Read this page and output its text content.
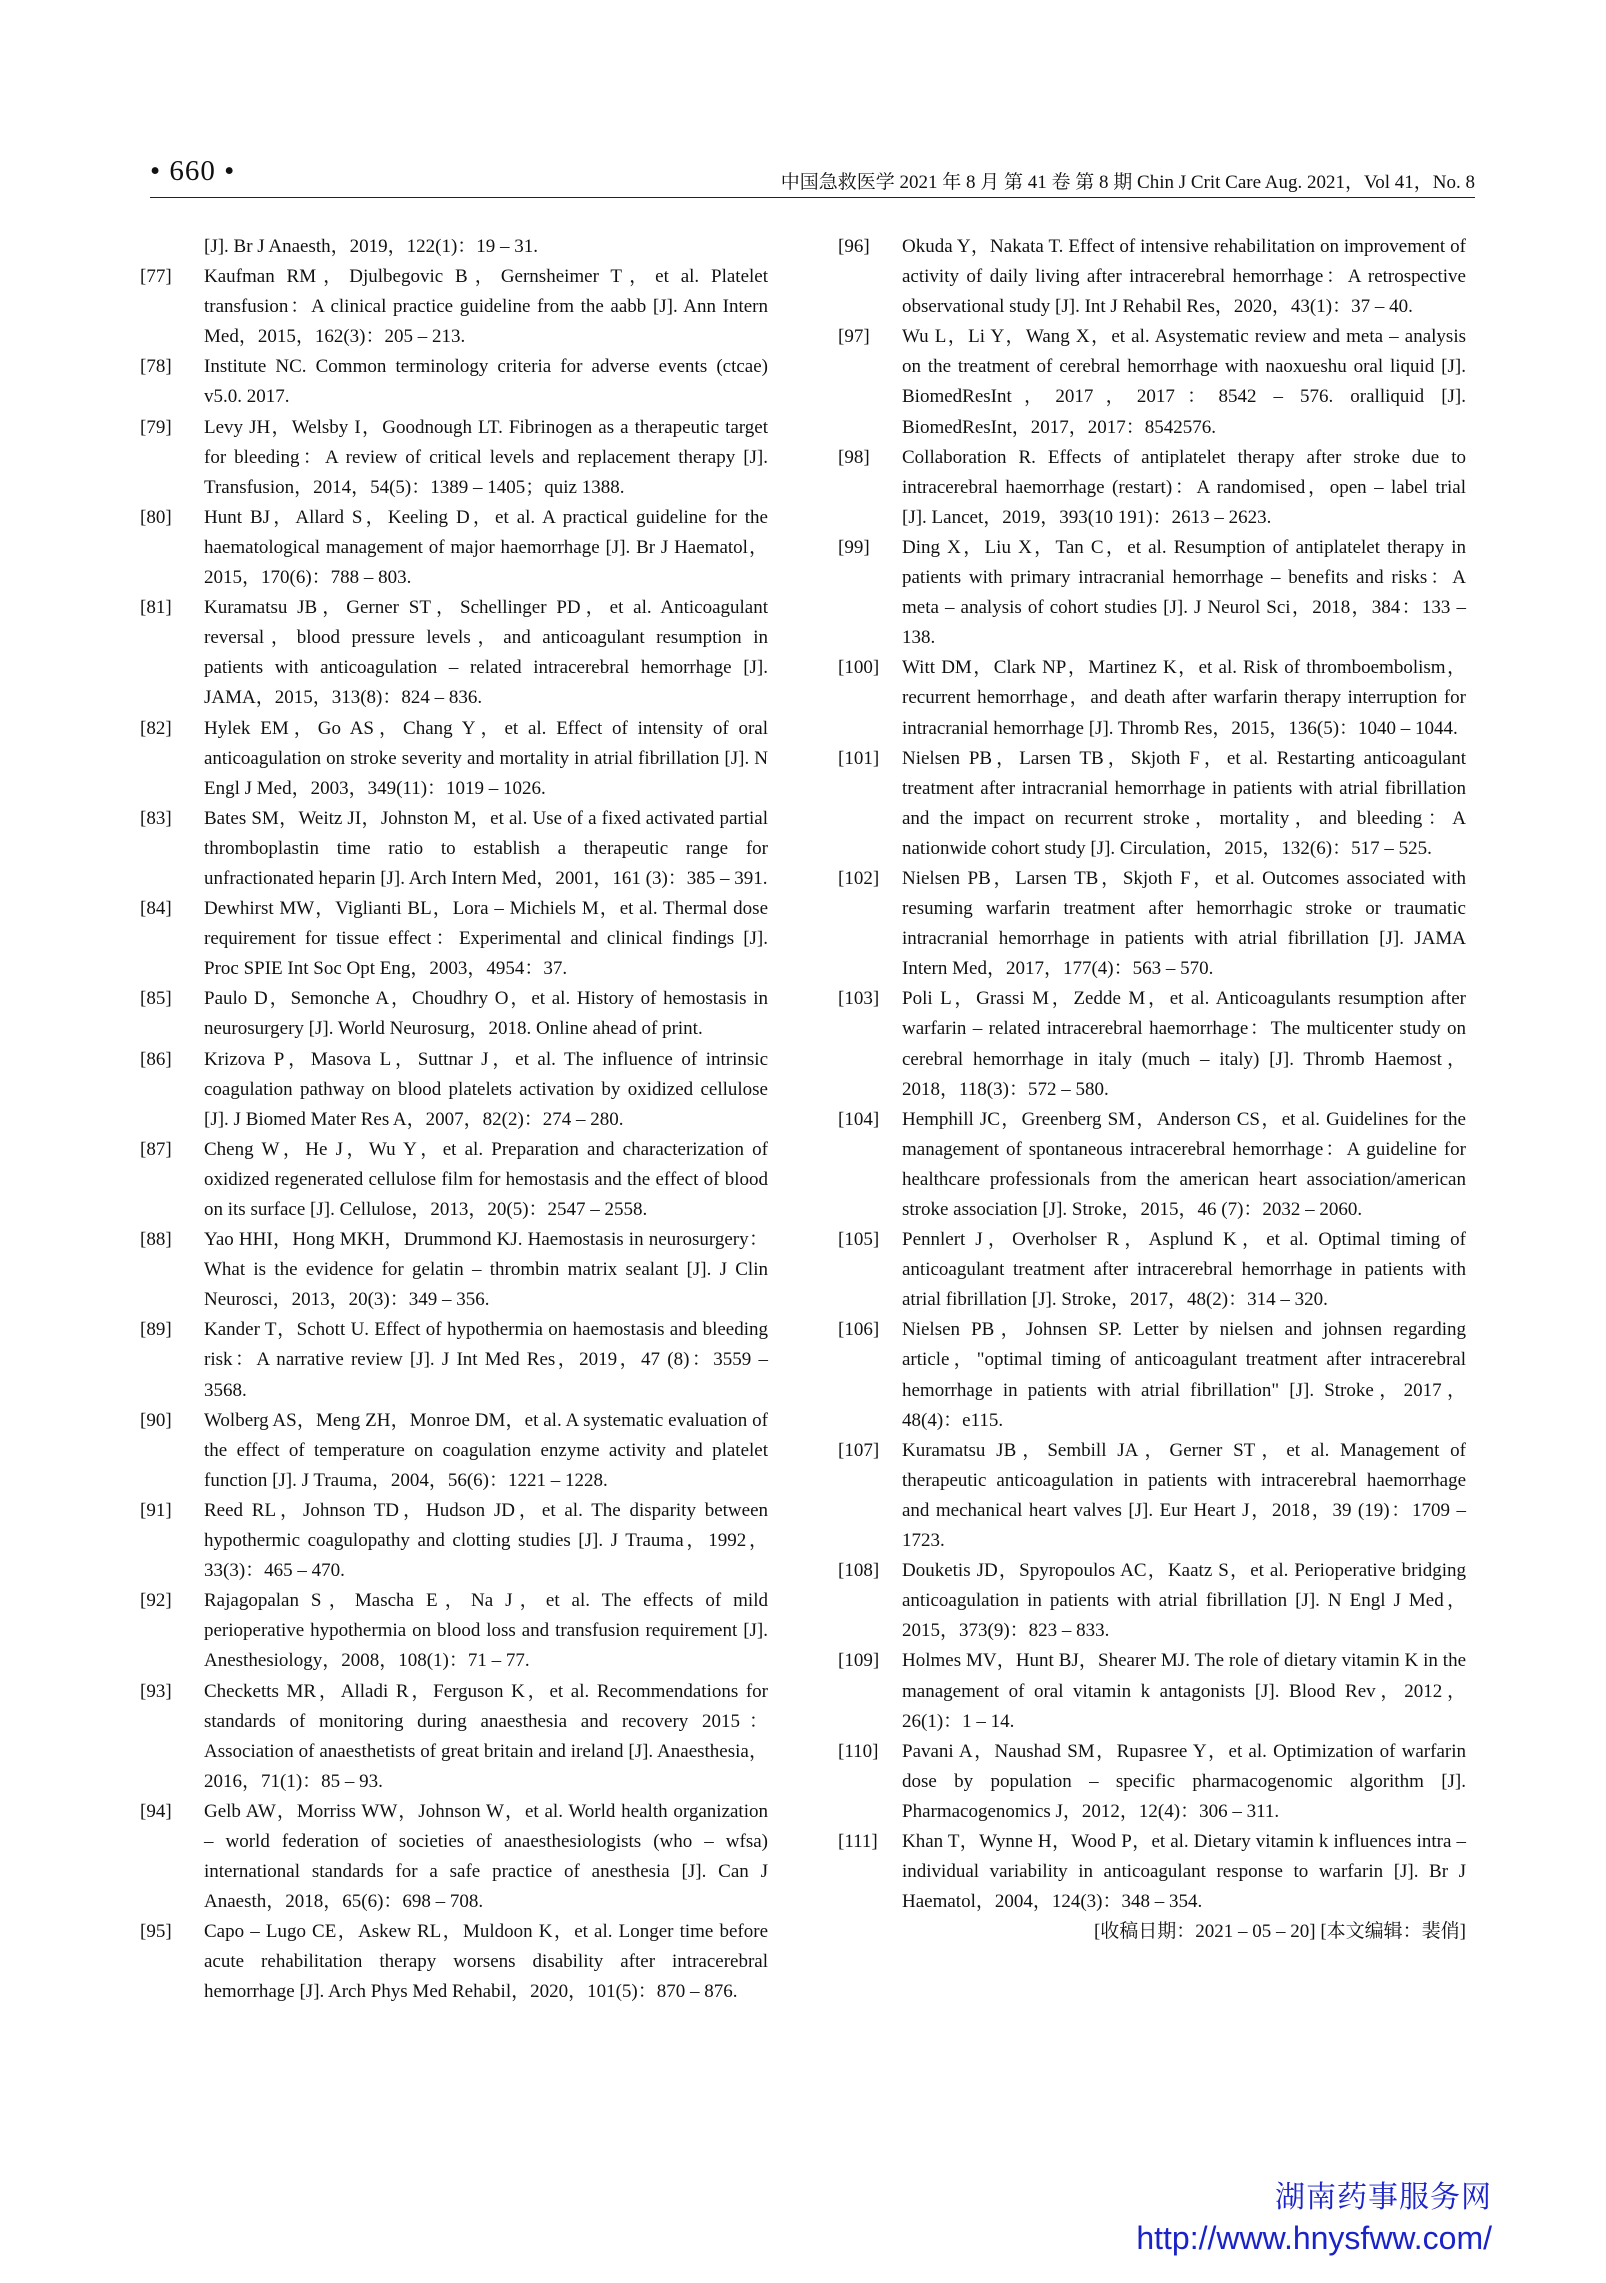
• 660 •	中国急救医学 2021 年 8 月 第 41 卷 第 8 期 Chin J Crit Care Aug. 2021，Vol 41，No. 8
[J]. Br J Anaesth，2019，122(1)：19 – 31.
[77] Kaufman RM，Djulbegovic B，Gernsheimer T，et al. Platelet transfusion：A clinical practice guideline from the aabb [J]. Ann Intern Med，2015，162(3)：205 – 213.
[78] Institute NC. Common terminology criteria for adverse events (ctcae) v5.0. 2017.
[79] Levy JH，Welsby I，Goodnough LT. Fibrinogen as a therapeutic target for bleeding：A review of critical levels and replacement therapy [J]. Transfusion，2014，54(5)：1389 – 1405；quiz 1388.
[80] Hunt BJ，Allard S，Keeling D，et al. A practical guideline for the haematological management of major haemorrhage [J]. Br J Haematol，2015，170(6)：788 – 803.
[81] Kuramatsu JB，Gerner ST，Schellinger PD，et al. Anticoagulant reversal，blood pressure levels，and anticoagulant resumption in patients with anticoagulation – related intracerebral hemorrhage [J]. JAMA，2015，313(8)：824 – 836.
[82] Hylek EM，Go AS，Chang Y，et al. Effect of intensity of oral anticoagulation on stroke severity and mortality in atrial fibrillation [J]. N Engl J Med，2003，349(11)：1019 – 1026.
[83] Bates SM，Weitz JI，Johnston M，et al. Use of a fixed activated partial thromboplastin time ratio to establish a therapeutic range for unfractionated heparin [J]. Arch Intern Med，2001，161 (3)：385 – 391.
[84] Dewhirst MW，Viglianti BL，Lora – Michiels M，et al. Thermal dose requirement for tissue effect：Experimental and clinical findings [J]. Proc SPIE Int Soc Opt Eng，2003，4954：37.
[85] Paulo D，Semonche A，Choudhry O，et al. History of hemostasis in neurosurgery [J]. World Neurosurg，2018. Online ahead of print.
[86] Krizova P，Masova L，Suttnar J，et al. The influence of intrinsic coagulation pathway on blood platelets activation by oxidized cellulose [J]. J Biomed Mater Res A，2007，82(2)：274 – 280.
[87] Cheng W，He J，Wu Y，et al. Preparation and characterization of oxidized regenerated cellulose film for hemostasis and the effect of blood on its surface [J]. Cellulose，2013，20(5)：2547 – 2558.
[88] Yao HHI，Hong MKH，Drummond KJ. Haemostasis in neurosurgery：What is the evidence for gelatin – thrombin matrix sealant [J]. J Clin Neurosci，2013，20(3)：349 – 356.
[89] Kander T，Schott U. Effect of hypothermia on haemostasis and bleeding risk：A narrative review [J]. J Int Med Res，2019，47 (8)：3559 – 3568.
[90] Wolberg AS，Meng ZH，Monroe DM，et al. A systematic evaluation of the effect of temperature on coagulation enzyme activity and platelet function [J]. J Trauma，2004，56(6)：1221 – 1228.
[91] Reed RL，Johnson TD，Hudson JD，et al. The disparity between hypothermic coagulopathy and clotting studies [J]. J Trauma，1992，33(3)：465 – 470.
[92] Rajagopalan S，Mascha E，Na J，et al. The effects of mild perioperative hypothermia on blood loss and transfusion requirement [J]. Anesthesiology，2008，108(1)：71 – 77.
[93] Checketts MR，Alladi R，Ferguson K，et al. Recommendations for standards of monitoring during anaesthesia and recovery 2015：Association of anaesthetists of great britain and ireland [J]. Anaesthesia，2016，71(1)：85 – 93.
[94] Gelb AW，Morriss WW，Johnson W，et al. World health organization – world federation of societies of anaesthesiologists (who – wfsa) international standards for a safe practice of anesthesia [J]. Can J Anaesth，2018，65(6)：698 – 708.
[95] Capo – Lugo CE，Askew RL，Muldoon K，et al. Longer time before acute rehabilitation therapy worsens disability after intracerebral hemorrhage [J]. Arch Phys Med Rehabil，2020，101(5)：870 – 876.
[96] Okuda Y，Nakata T. Effect of intensive rehabilitation on improvement of activity of daily living after intracerebral hemorrhage：A retrospective observational study [J]. Int J Rehabil Res，2020，43(1)：37 – 40.
[97] Wu L，Li Y，Wang X，et al. Asystematic review and meta – analysis on the treatment of cerebral hemorrhage with naoxueshu oral liquid [J]. BiomedResInt，2017，2017：8542 – 576. oralliquid [J]. BiomedResInt，2017，2017：8542576.
[98] Collaboration R. Effects of antiplatelet therapy after stroke due to intracerebral haemorrhage (restart)：A randomised，open – label trial [J]. Lancet，2019，393(10 191)：2613 – 2623.
[99] Ding X，Liu X，Tan C，et al. Resumption of antiplatelet therapy in patients with primary intracranial hemorrhage – benefits and risks：A meta – analysis of cohort studies [J]. J Neurol Sci，2018，384：133 – 138.
[100] Witt DM，Clark NP，Martinez K，et al. Risk of thromboembolism，recurrent hemorrhage，and death after warfarin therapy interruption for intracranial hemorrhage [J]. Thromb Res，2015，136(5)：1040 – 1044.
[101] Nielsen PB，Larsen TB，Skjoth F，et al. Restarting anticoagulant treatment after intracranial hemorrhage in patients with atrial fibrillation and the impact on recurrent stroke，mortality，and bleeding：A nationwide cohort study [J]. Circulation，2015，132(6)：517 – 525.
[102] Nielsen PB，Larsen TB，Skjoth F，et al. Outcomes associated with resuming warfarin treatment after hemorrhagic stroke or traumatic intracranial hemorrhage in patients with atrial fibrillation [J]. JAMA Intern Med，2017，177(4)：563 – 570.
[103] Poli L，Grassi M，Zedde M，et al. Anticoagulants resumption after warfarin – related intracerebral haemorrhage：The multicenter study on cerebral hemorrhage in italy (much – italy) [J]. Thromb Haemost，2018，118(3)：572 – 580.
[104] Hemphill JC，Greenberg SM，Anderson CS，et al. Guidelines for the management of spontaneous intracerebral hemorrhage：A guideline for healthcare professionals from the american heart association/american stroke association [J]. Stroke，2015，46 (7)：2032 – 2060.
[105] Pennlert J，Overholser R，Asplund K，et al. Optimal timing of anticoagulant treatment after intracerebral hemorrhage in patients with atrial fibrillation [J]. Stroke，2017，48(2)：314 – 320.
[106] Nielsen PB，Johnsen SP. Letter by nielsen and johnsen regarding article，"optimal timing of anticoagulant treatment after intracerebral hemorrhage in patients with atrial fibrillation" [J]. Stroke，2017，48(4)：e115.
[107] Kuramatsu JB，Sembill JA，Gerner ST，et al. Management of therapeutic anticoagulation in patients with intracerebral haemorrhage and mechanical heart valves [J]. Eur Heart J，2018，39 (19)：1709 – 1723.
[108] Douketis JD，Spyropoulos AC，Kaatz S，et al. Perioperative bridging anticoagulation in patients with atrial fibrillation [J]. N Engl J Med，2015，373(9)：823 – 833.
[109] Holmes MV，Hunt BJ，Shearer MJ. The role of dietary vitamin K in the management of oral vitamin k antagonists [J]. Blood Rev，2012，26(1)：1 – 14.
[110] Pavani A，Naushad SM，Rupasree Y，et al. Optimization of warfarin dose by population – specific pharmacogenomic algorithm [J]. Pharmacogenomics J，2012，12(4)：306 – 311.
[111] Khan T，Wynne H，Wood P，et al. Dietary vitamin k influences intra – individual variability in anticoagulant response to warfarin [J]. Br J Haematol，2004，124(3)：348 – 354.
[收稿日期：2021 – 05 – 20] [本文编辑：裴俏]
湖南药事服务网
http://www.hnysfww.com/
